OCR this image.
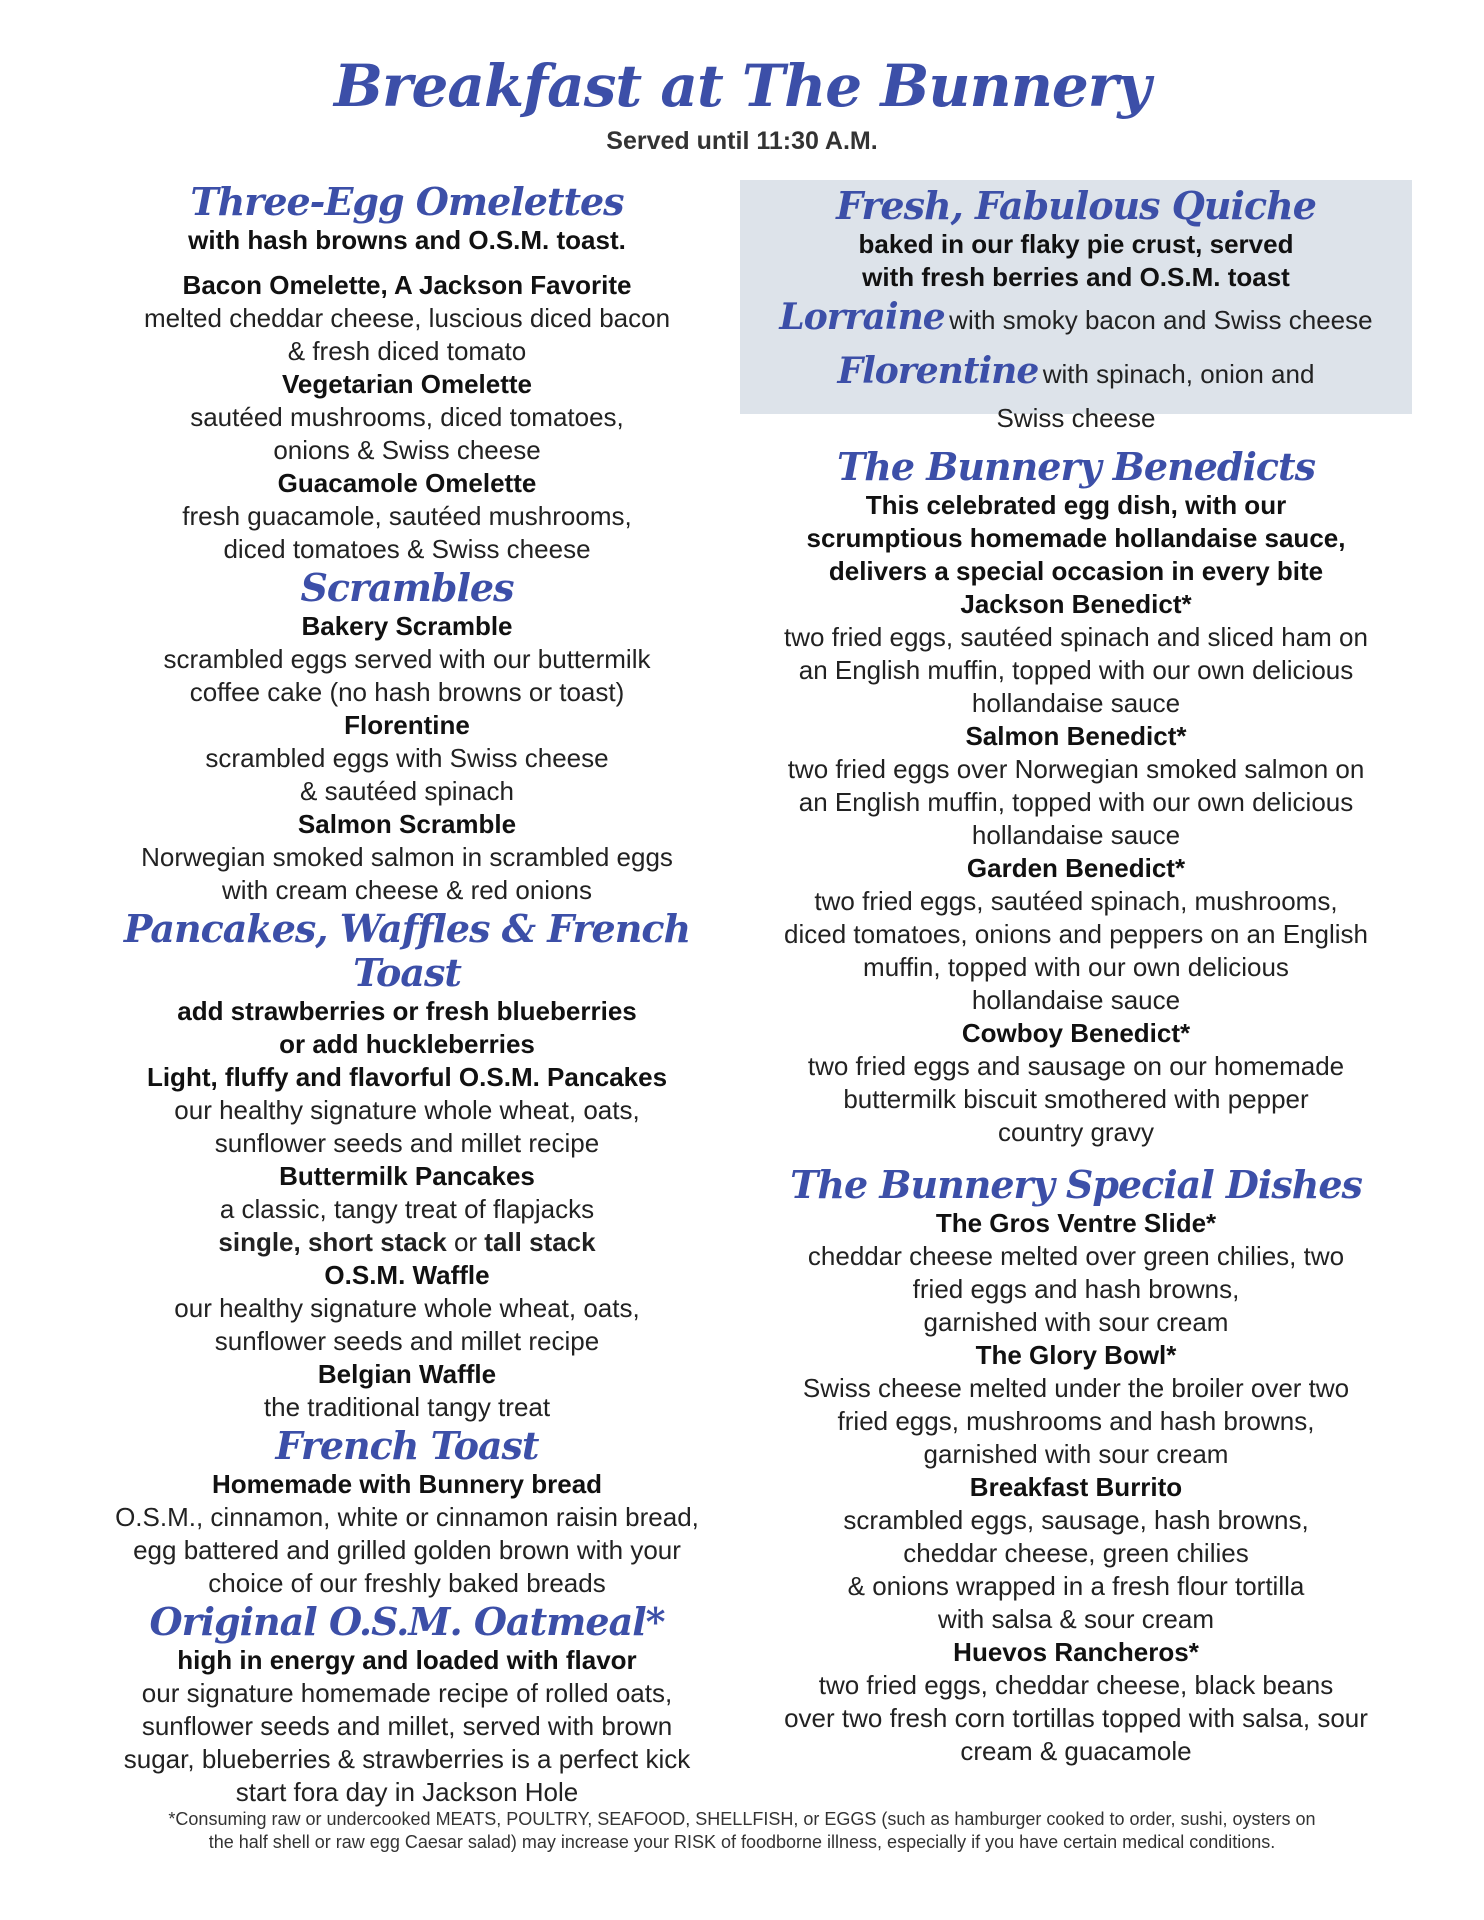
Breakfast at The Bunnery
Served until 11:30 A.M.
Three-Egg Omelettes
with hash browns and O.S.M. toast.
Bacon Omelette, A Jackson Favorite
melted cheddar cheese, luscious diced bacon
& fresh diced tomato
Vegetarian Omelette
sautéed mushrooms, diced tomatoes,
onions & Swiss cheese
Guacamole Omelette
fresh guacamole, sautéed mushrooms,
diced tomatoes & Swiss cheese
Scrambles
Bakery Scramble
scrambled eggs served with our buttermilk
coffee cake (no hash browns or toast)
Florentine
scrambled eggs with Swiss cheese
& sautéed spinach
Salmon Scramble
Norwegian smoked salmon in scrambled eggs
with cream cheese & red onions
Pancakes, Waffles & French Toast
add strawberries or fresh blueberries
or add huckleberries
Light, fluffy and flavorful O.S.M. Pancakes
our healthy signature whole wheat, oats,
sunflower seeds and millet recipe
Buttermilk Pancakes
a classic, tangy treat of flapjacks
single, short stack or tall stack
O.S.M. Waffle
our healthy signature whole wheat, oats,
sunflower seeds and millet recipe
Belgian Waffle
the traditional tangy treat
French Toast
Homemade with Bunnery bread
O.S.M., cinnamon, white or cinnamon raisin bread,
egg battered and grilled golden brown with your
choice of our freshly baked breads
Original O.S.M. Oatmeal*
high in energy and loaded with flavor
our signature homemade recipe of rolled oats,
sunflower seeds and millet, served with brown
sugar, blueberries & strawberries is a perfect kick
start fora day in Jackson Hole
Fresh, Fabulous Quiche
baked in our flaky pie crust, served
with fresh berries and O.S.M. toast
Lorraine with smoky bacon and Swiss cheese
Florentine with spinach, onion and
Swiss cheese
The Bunnery Benedicts
This celebrated egg dish, with our
scrumptious homemade hollandaise sauce,
delivers a special occasion in every bite
Jackson Benedict*
two fried eggs, sautéed spinach and sliced ham on
an English muffin, topped with our own delicious
hollandaise sauce
Salmon Benedict*
two fried eggs over Norwegian smoked salmon on
an English muffin, topped with our own delicious
hollandaise sauce
Garden Benedict*
two fried eggs, sautéed spinach, mushrooms,
diced tomatoes, onions and peppers on an English
muffin, topped with our own delicious
hollandaise sauce
Cowboy Benedict*
two fried eggs and sausage on our homemade
buttermilk biscuit smothered with pepper
country gravy
The Bunnery Special Dishes
The Gros Ventre Slide*
cheddar cheese melted over green chilies, two
fried eggs and hash browns,
garnished with sour cream
The Glory Bowl*
Swiss cheese melted under the broiler over two
fried eggs, mushrooms and hash browns,
garnished with sour cream
Breakfast Burrito
scrambled eggs, sausage, hash browns,
cheddar cheese, green chilies
& onions wrapped in a fresh flour tortilla
with salsa & sour cream
Huevos Rancheros*
two fried eggs, cheddar cheese, black beans
over two fresh corn tortillas topped with salsa, sour
cream & guacamole
*Consuming raw or undercooked MEATS, POULTRY, SEAFOOD, SHELLFISH, or EGGS (such as hamburger cooked to order, sushi, oysters on
the half shell or raw egg Caesar salad) may increase your RISK of foodborne illness, especially if you have certain medical conditions.
